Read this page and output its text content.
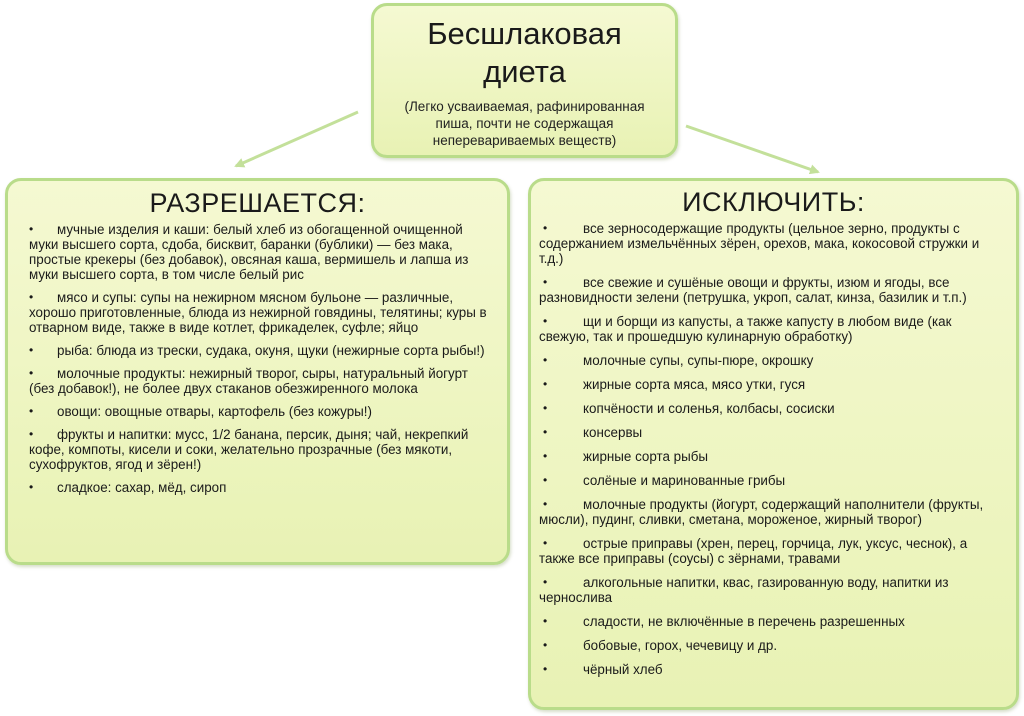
Бесшлаковая диета
(Легко усваиваемая, рафинированная пиша, почти не содержащая неперевариваемых веществ)
РАЗРЕШАЕТСЯ:
• мучные изделия и каши: белый хлеб из обогащенной очищенной муки высшего сорта, сдоба, бисквит, баранки (бублики) — без мака, простые крекеры (без добавок), овсяная каша, вермишель и лапша из муки высшего сорта, в том числе белый рис
• мясо и супы: супы на нежирном мясном бульоне — различные, хорошо приготовленные, блюда из нежирной говядины, телятины; куры в отварном виде, также в виде котлет, фрикаделек, суфле; яйцо
• рыба: блюда из трески, судака, окуня, щуки (нежирные сорта рыбы!)
• молочные продукты: нежирный творог, сыры, натуральный йогурт (без добавок!), не более двух стаканов обезжиренного молока
• овощи: овощные отвары, картофель (без кожуры!)
• фрукты и напитки: мусс, 1/2 банана, персик, дыня; чай, некрепкий кофе, компоты, кисели и соки, желательно прозрачные (без мякоти, сухофруктов, ягод и зёрен!)
• сладкое: сахар, мёд, сироп
ИСКЛЮЧИТЬ:
•	все зерносодержащие продукты (цельное зерно, продукты с содержанием измельчённых зёрен, орехов, мака, кокосовой стружки и т.д.)
•	все свежие и сушёные овощи и фрукты, изюм и ягоды, все разновидности зелени (петрушка, укроп, салат, кинза, базилик и т.п.)
•	щи и борщи из капусты, а также капусту в любом виде (как свежую, так и прошедшую кулинарную обработку)
•	молочные супы, супы-пюре, окрошку
•	жирные сорта мяса, мясо утки, гуся
•	копчёности и соленья, колбасы, сосиски
•	консервы
•	жирные сорта рыбы
•	солёные и маринованные грибы
•	молочные продукты (йогурт, содержащий наполнители (фрукты, мюсли), пудинг, сливки, сметана, мороженое, жирный творог)
•	острые приправы (хрен, перец, горчица, лук, уксус, чеснок), а также все приправы (соусы) с зёрнами, травами
•	алкогольные напитки, квас, газированную воду, напитки из чернослива
•	сладости, не включённые в перечень разрешенных
•	бобовые, горох, чечевицу и др.
•	чёрный хлеб
